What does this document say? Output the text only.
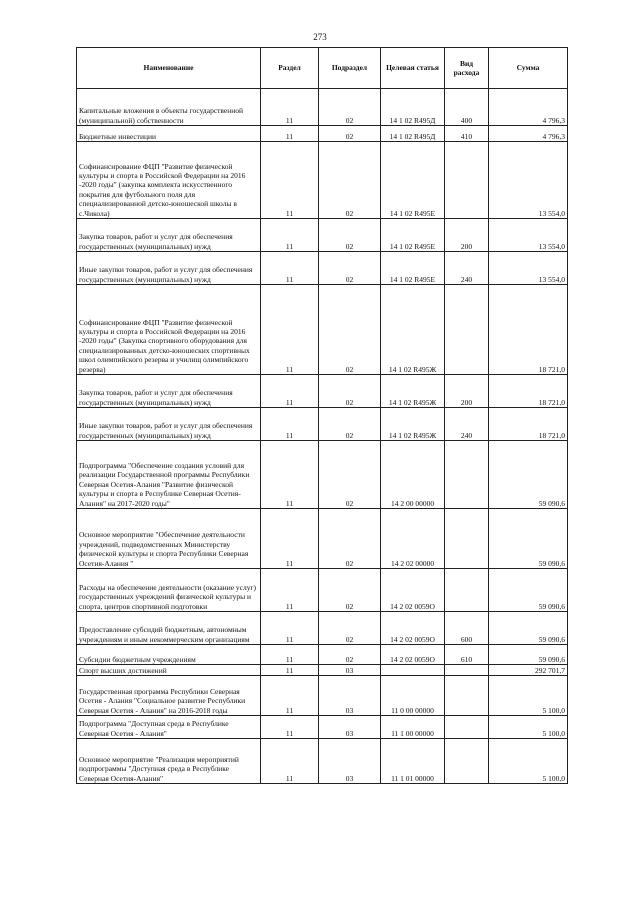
273
Наименование	Раздел	Подраздел	Целевая статья	Вид расхода	Сумма

Капитальные вложения в объекты государственной (муниципальной) собственности	11	02	14 1 02 R495Д	400	4 796,3

Бюджетные инвестиции	11	02	14 1 02 R495Д	410	4 796,3

Софинансирование ФЦП "Развитие физической культуры и спорта в Российской Федерации на 2016 -2020 годы" (закупка комплекта искусственного покрытия для футбольного поля для специализированной детско-юношеской школы в с.Чикола)	11	02	14 1 02 R495Е		13 554,0

Закупка товаров, работ и услуг для обеспечения государственных (муниципальных) нужд	11	02	14 1 02 R495Е	200	13 554,0

Иные закупки товаров, работ и услуг для обеспечения государственных (муниципальных) нужд	11	02	14 1 02 R495Е	240	13 554,0

Софинансирование ФЦП "Развитие физической культуры и спорта в Российской Федерации на 2016 -2020 годы" (Закупка спортивного оборудования для специализированных детско-юношеских спортивных школ олимпийского резерва и училищ олимпийского резерва)	11	02	14 1 02 R495Ж		18 721,0

Закупка товаров, работ и услуг для обеспечения государственных (муниципальных) нужд	11	02	14 1 02 R495Ж	200	18 721,0

Иные закупки товаров, работ и услуг для обеспечения государственных (муниципальных) нужд	11	02	14 1 02 R495Ж	240	18 721,0

Подпрограмма "Обеспечение создания условий для реализации Государственной программы Республики Северная Осетия-Алания "Развитие физической культуры и спорта в Республике Северная Осетия-Алания" на 2017-2020 годы"	11	02	14 2 00 00000		59 090,6

Основное мероприятие "Обеспечение деятельности учреждений, подведомственных Министерству физической культуры и спорта Республики Северная Осетия-Алания "	11	02	14 2 02 00000		59 090,6

Расходы на обеспечение деятельности (оказание услуг) государственных учреждений физической культуры и спорта, центров спортивной подготовки	11	02	14 2 02 0059О		59 090,6

Предоставление субсидий бюджетным, автономным учреждениям и иным некоммерческим организациям	11	02	14 2 02 0059О	600	59 090,6

Субсидии бюджетным учреждениям	11	02	14 2 02 0059О	610	59 090,6

Спорт высших достижений	11	03			292 701,7

Государственная программа Республики Северная Осетия - Алания "Социальное развитие Республики Северная Осетия - Алания" на 2016-2018 годы	11	03	11 0 00 00000		5 100,0

Подпрограмма "Доступная среда в Республике Северная Осетия - Алания"	11	03	11 1 00 00000		5 100,0

Основное мероприятие "Реализация мероприятий подпрограммы "Доступная среда в Республике Северная Осетия-Алания"	11	03	11 1 01 00000		5 100,0
